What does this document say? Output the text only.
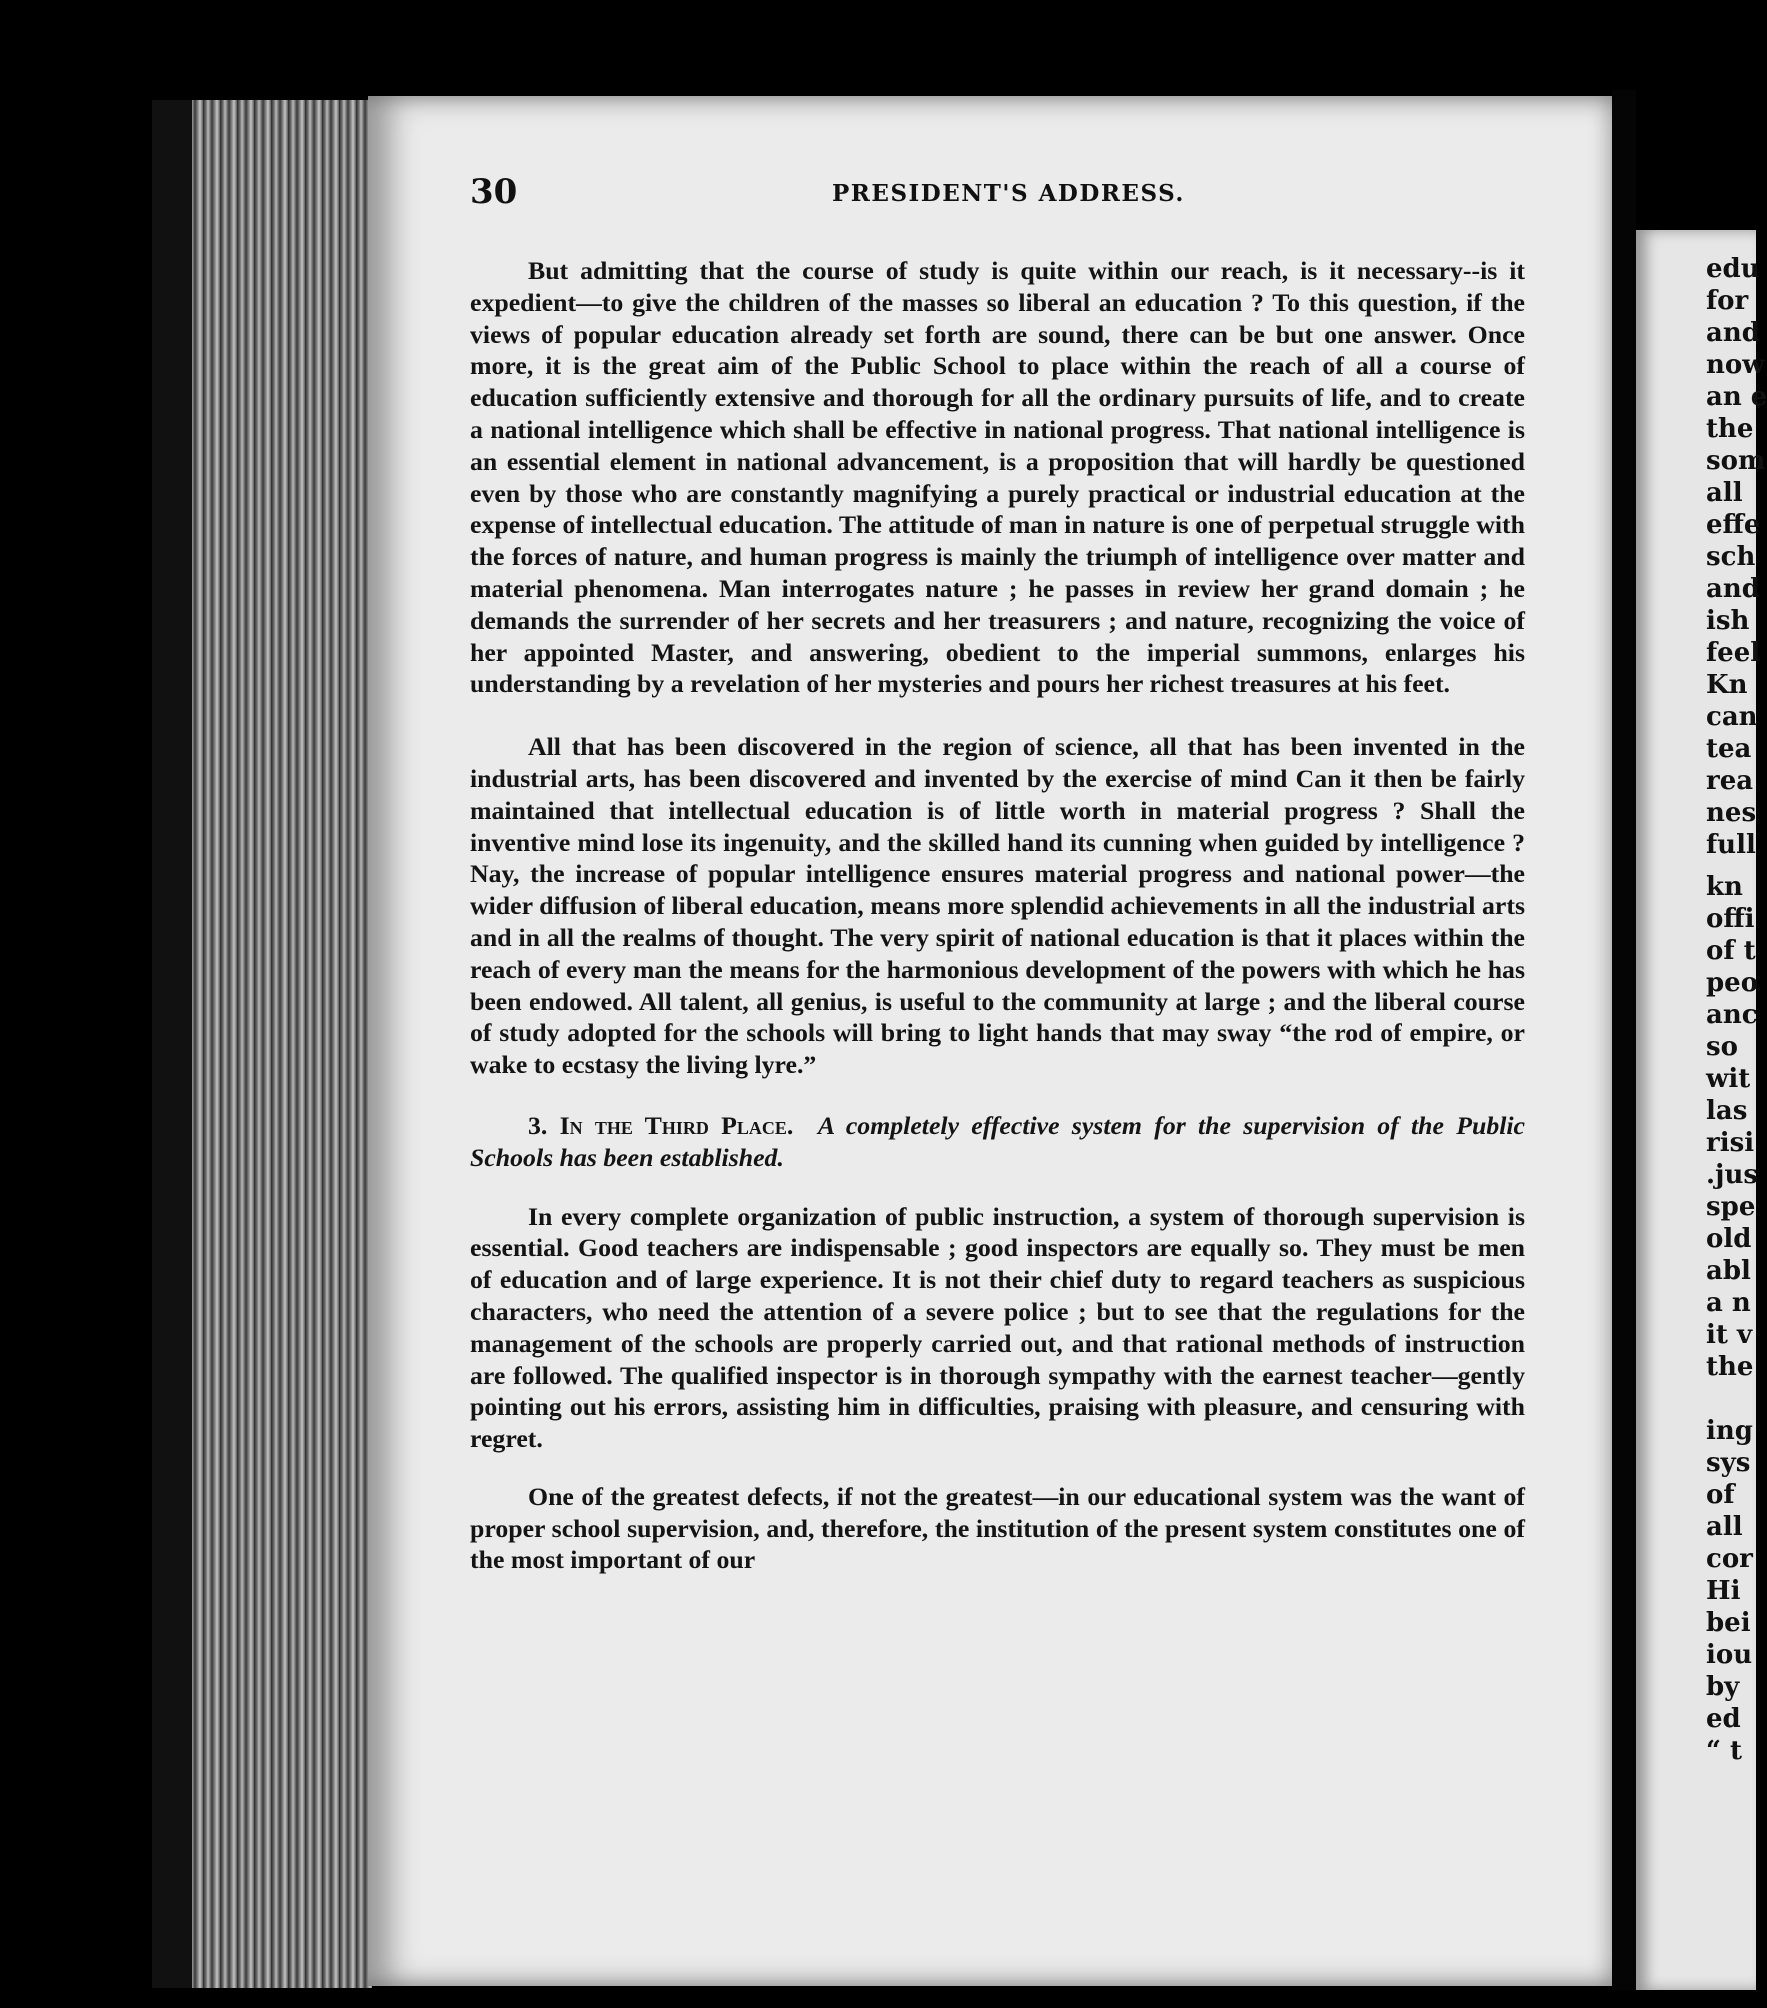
edu
for
and
now
an e
the
som
all
effe
sch
and
ish
feel
Kn
can
tea
rea
nes
full
kn
offi
of t
peo
anc
so
wit
las
risi
.jus
spe
old
abl
a n
it v
the
ing
sys
of
all
cor
Hi
bei
iou
by
ed
“ t
30	PRESIDENT'S ADDRESS.

But admitting that the course of study is quite within our reach, is it necessary--is it expedient—to give the children of the masses so liberal an education ? To this question, if the views of popular education already set forth are sound, there can be but one answer. Once more, it is the great aim of the Public School to place within the reach of all a course of education sufficiently extensive and thorough for all the ordinary pursuits of life, and to create a national intelligence which shall be effective in national progress. That national intelligence is an essential element in national advancement, is a proposition that will hardly be questioned even by those who are constantly magnifying a purely practical or industrial education at the expense of intellectual education. The attitude of man in nature is one of perpetual struggle with the forces of nature, and human progress is mainly the triumph of intelligence over matter and material phenomena. Man interrogates nature ; he passes in review her grand domain ; he demands the surrender of her secrets and her treasurers ; and nature, recognizing the voice of her appointed Master, and answering, obedient to the imperial summons, enlarges his understanding by a revelation of her mysteries and pours her richest treasures at his feet.

All that has been discovered in the region of science, all that has been invented in the industrial arts, has been discovered and invented by the exercise of mind Can it then be fairly maintained that intellectual education is of little worth in material progress ? Shall the inventive mind lose its ingenuity, and the skilled hand its cunning when guided by intelligence ? Nay, the increase of popular intelligence ensures material progress and national power—the wider diffusion of liberal education, means more splendid achievements in all the industrial arts and in all the realms of thought. The very spirit of national education is that it places within the reach of every man the means for the harmonious development of the powers with which he has been endowed. All talent, all genius, is useful to the community at large ; and the liberal course of study adopted for the schools will bring to light hands that may sway “the rod of empire, or wake to ecstasy the living lyre.”

3. In the Third Place. A completely effective system for the supervision of the Public Schools has been established.

In every complete organization of public instruction, a system of thorough supervision is essential. Good teachers are indispensable ; good inspectors are equally so. They must be men of education and of large experience. It is not their chief duty to regard teachers as suspicious characters, who need the attention of a severe police ; but to see that the regulations for the management of the schools are properly carried out, and that rational methods of instruction are followed. The qualified inspector is in thorough sympathy with the earnest teacher—gently pointing out his errors, assisting him in difficulties, praising with pleasure, and censuring with regret.

One of the greatest defects, if not the greatest—in our educational system was the want of proper school supervision, and, therefore, the institution of the present system constitutes one of the most important of our
